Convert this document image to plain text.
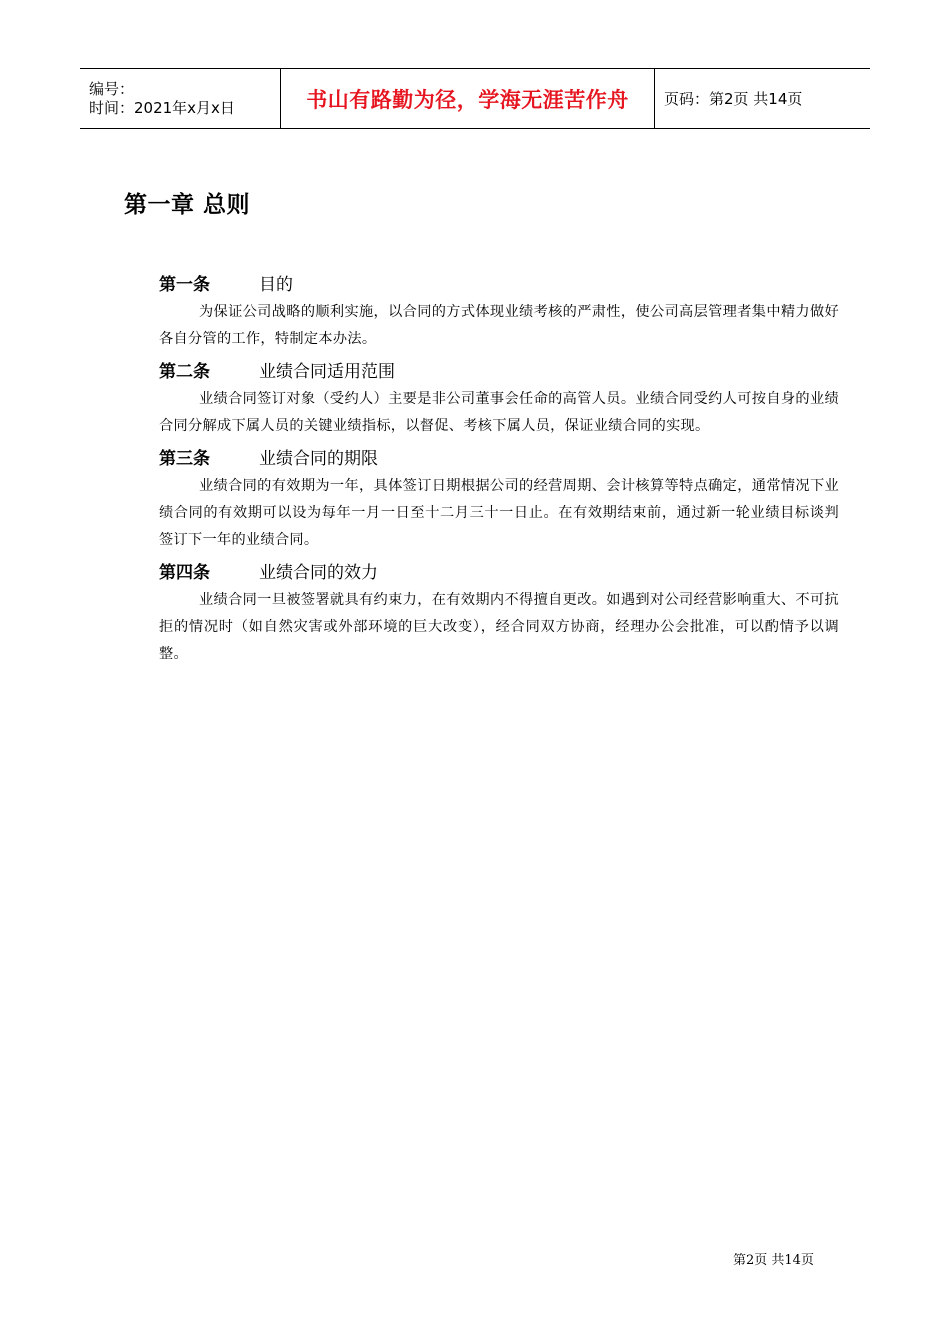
编号：
时间：2021年x月x日	书山有路勤为径，学海无涯苦作舟	页码：第2页 共14页
第一章 总则
第一条	目的
为保证公司战略的顺利实施，以合同的方式体现业绩考核的严肃性，使公司高层管理者集中精力做好各自分管的工作，特制定本办法。
第二条	业绩合同适用范围
业绩合同签订对象（受约人）主要是非公司董事会任命的高管人员。业绩合同受约人可按自身的业绩合同分解成下属人员的关键业绩指标，以督促、考核下属人员，保证业绩合同的实现。
第三条	业绩合同的期限
业绩合同的有效期为一年，具体签订日期根据公司的经营周期、会计核算等特点确定，通常情况下业绩合同的有效期可以设为每年一月一日至十二月三十一日止。在有效期结束前，通过新一轮业绩目标谈判签订下一年的业绩合同。
第四条	业绩合同的效力
业绩合同一旦被签署就具有约束力，在有效期内不得擅自更改。如遇到对公司经营影响重大、不可抗拒的情况时（如自然灾害或外部环境的巨大改变），经合同双方协商，经理办公会批准，可以酌情予以调整。
第2页 共14页
